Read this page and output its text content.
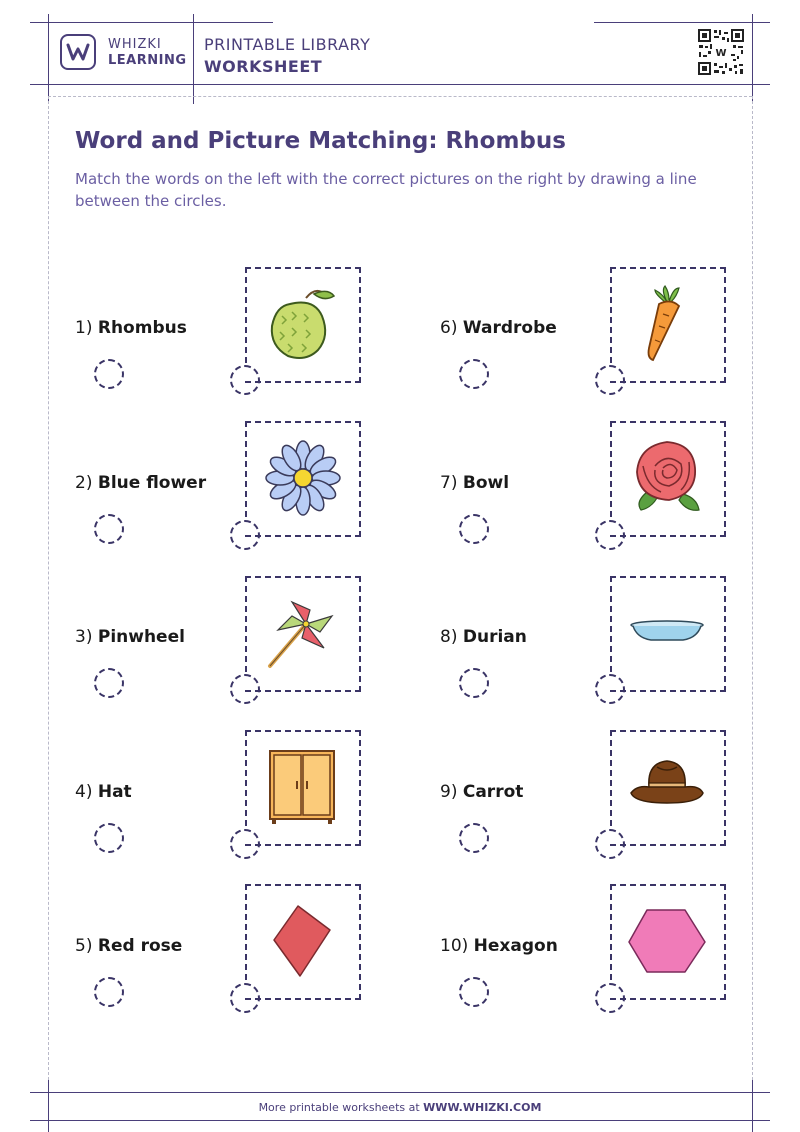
WHIZKI
LEARNING
PRINTABLE LIBRARY
WORKSHEET
W
Word and Picture Matching: Rhombus
Match the words on the left with the correct pictures on the right by drawing a line between the circles.
1) Rhombus
2) Blue flower
3) Pinwheel
4) Hat
5) Red rose
6) Wardrobe
7) Bowl
8) Durian
9) Carrot
10) Hexagon
More printable worksheets at WWW.WHIZKI.COM
